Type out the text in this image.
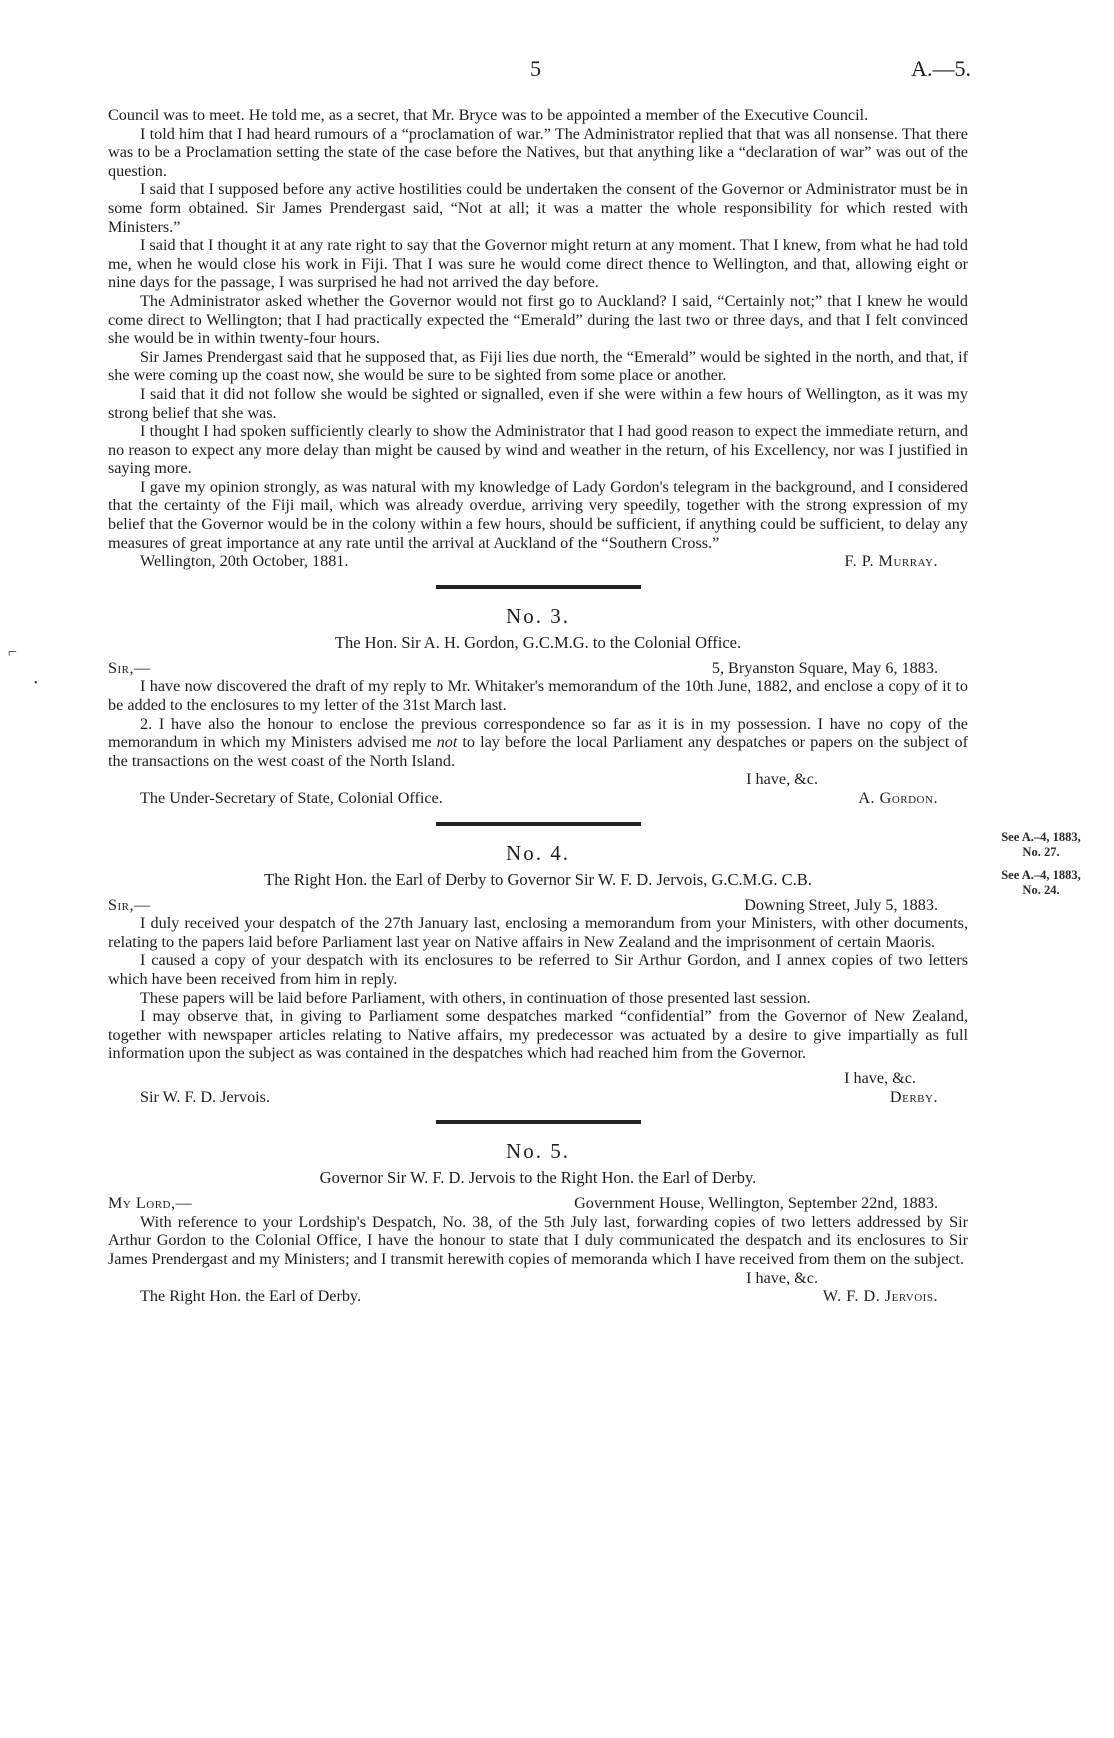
5	A.—5.
⌐
•

Council was to meet. He told me, as a secret, that Mr. Bryce was to be appointed a member of the Executive Council.

I told him that I had heard rumours of a “proclamation of war.” The Administrator replied that that was all nonsense. That there was to be a Proclamation setting the state of the case before the Natives, but that anything like a “declaration of war” was out of the question.

I said that I supposed before any active hostilities could be undertaken the consent of the Governor or Administrator must be in some form obtained. Sir James Prendergast said, “Not at all; it was a matter the whole responsibility for which rested with Ministers.”

I said that I thought it at any rate right to say that the Governor might return at any moment. That I knew, from what he had told me, when he would close his work in Fiji. That I was sure he would come direct thence to Wellington, and that, allowing eight or nine days for the passage, I was surprised he had not arrived the day before.

The Administrator asked whether the Governor would not first go to Auckland? I said, “Certainly not;” that I knew he would come direct to Wellington; that I had practically expected the “Emerald” during the last two or three days, and that I felt convinced she would be in within twenty-four hours.

Sir James Prendergast said that he supposed that, as Fiji lies due north, the “Emerald” would be sighted in the north, and that, if she were coming up the coast now, she would be sure to be sighted from some place or another.

I said that it did not follow she would be sighted or signalled, even if she were within a few hours of Wellington, as it was my strong belief that she was.

I thought I had spoken sufficiently clearly to show the Administrator that I had good reason to expect the immediate return, and no reason to expect any more delay than might be caused by wind and weather in the return, of his Excellency, nor was I justified in saying more.

I gave my opinion strongly, as was natural with my knowledge of Lady Gordon's telegram in the background, and I considered that the certainty of the Fiji mail, which was already overdue, arriving very speedily, together with the strong expression of my belief that the Governor would be in the colony within a few hours, should be sufficient, if anything could be sufficient, to delay any measures of great importance at any rate until the arrival at Auckland of the “Southern Cross.”

Wellington, 20th October, 1881.	F. P. Murray.
No. 3.
The Hon. Sir A. H. Gordon, G.C.M.G. to the Colonial Office.
Sir,—	5, Bryanston Square, May 6, 1883.

I have now discovered the draft of my reply to Mr. Whitaker's memorandum of the 10th June, 1882, and enclose a copy of it to be added to the enclosures to my letter of the 31st March last.

2. I have also the honour to enclose the previous correspondence so far as it is in my possession. I have no copy of the memorandum in which my Ministers advised me not to lay before the local Parliament any despatches or papers on the subject of the transactions on the west coast of the North Island.

I have, &c.
The Under-Secretary of State, Colonial Office.	A. Gordon.
No. 4.
The Right Hon. the Earl of Derby to Governor Sir W. F. D. Jervois, G.C.M.G. C.B.
Sir,—	Downing Street, July 5, 1883.

I duly received your despatch of the 27th January last, enclosing a memorandum from your Ministers, with other documents, relating to the papers laid before Parliament last year on Native affairs in New Zealand and the imprisonment of certain Maoris.

I caused a copy of your despatch with its enclosures to be referred to Sir Arthur Gordon, and I annex copies of two letters which have been received from him in reply.

These papers will be laid before Parliament, with others, in continuation of those presented last session.

I may observe that, in giving to Parliament some despatches marked “confidential” from the Governor of New Zealand, together with newspaper articles relating to Native affairs, my predecessor was actuated by a desire to give impartially as full information upon the subject as was contained in the despatches which had reached him from the Governor.

I have, &c.
Sir W. F. D. Jervois.	Derby.
No. 5.
Governor Sir W. F. D. Jervois to the Right Hon. the Earl of Derby.
My Lord,—	Government House, Wellington, September 22nd, 1883.

With reference to your Lordship's Despatch, No. 38, of the 5th July last, forwarding copies of two letters addressed by Sir Arthur Gordon to the Colonial Office, I have the honour to state that I duly communicated the despatch and its enclosures to Sir James Prendergast and my Ministers; and I transmit herewith copies of memoranda which I have received from them on the subject.

I have, &c.
The Right Hon. the Earl of Derby.	W. F. D. Jervois.
See A.–4, 1883,
No. 27.
See A.–4, 1883,
No. 24.
